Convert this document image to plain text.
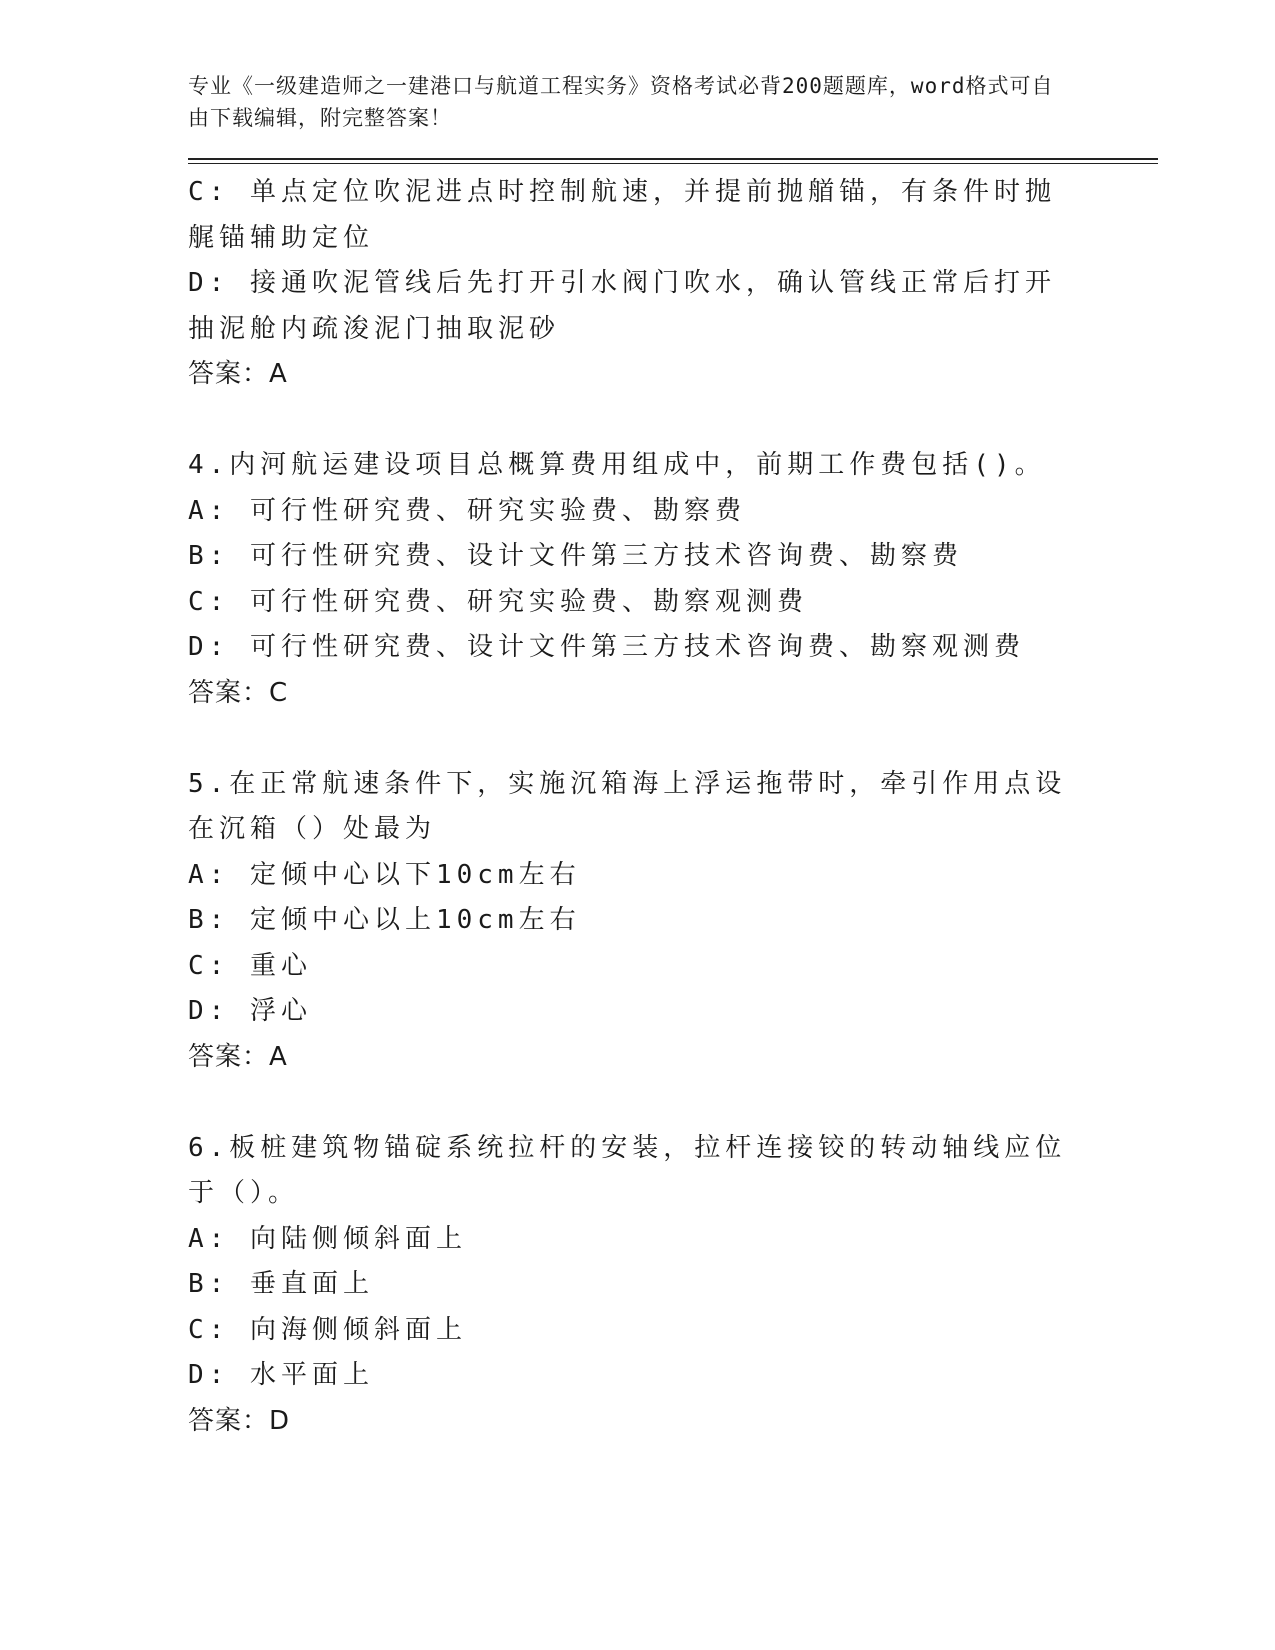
专业《一级建造师之一建港口与航道工程实务》资格考试必背200题题库，word格式可自由下载编辑，附完整答案！
C: 单点定位吹泥进点时控制航速，并提前抛艏锚，有条件时抛艉锚辅助定位
D: 接通吹泥管线后先打开引水阀门吹水，确认管线正常后打开抽泥舱内疏浚泥门抽取泥砂
答案：A
4.内河航运建设项目总概算费用组成中，前期工作费包括()。
A: 可行性研究费、研究实验费、勘察费
B: 可行性研究费、设计文件第三方技术咨询费、勘察费
C: 可行性研究费、研究实验费、勘察观测费
D: 可行性研究费、设计文件第三方技术咨询费、勘察观测费
答案：C
5.在正常航速条件下，实施沉箱海上浮运拖带时，牵引作用点设在沉箱（）处最为
A: 定倾中心以下10cm左右
B: 定倾中心以上10cm左右
C: 重心
D: 浮心
答案：A
6.板桩建筑物锚碇系统拉杆的安装，拉杆连接铰的转动轴线应位于（）。
A: 向陆侧倾斜面上
B: 垂直面上
C: 向海侧倾斜面上
D: 水平面上
答案：D
